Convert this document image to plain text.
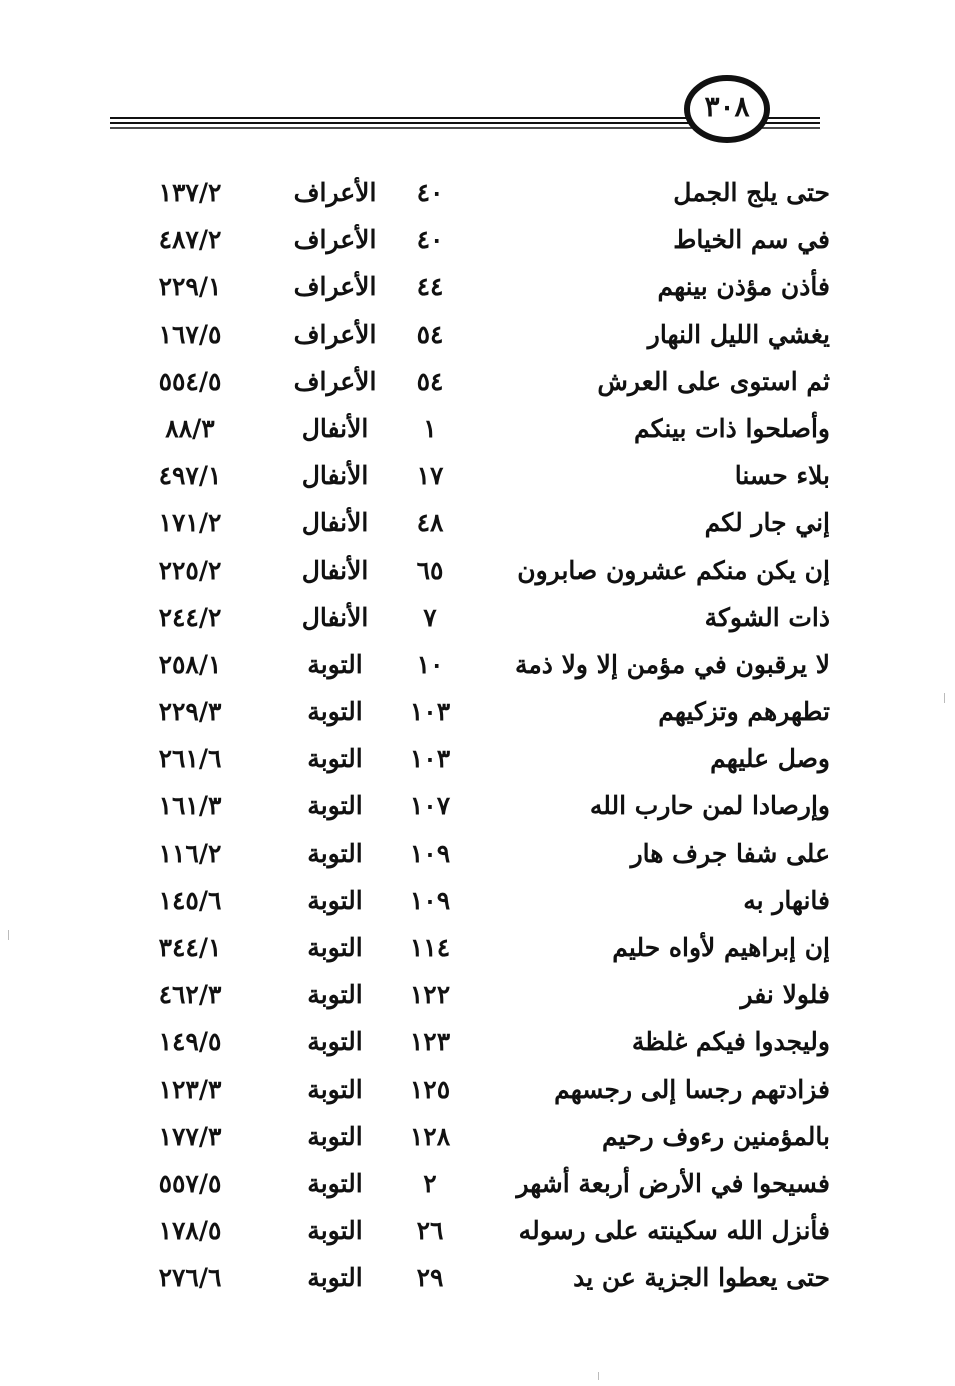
٣٠٨
حتى يلج الجمل
٤٠
الأعراف
١٣٧/٢
في سم الخياط
٤٠
الأعراف
٤٨٧/٢
فأذن مؤذن بينهم
٤٤
الأعراف
٢٢٩/١
يغشي الليل النهار
٥٤
الأعراف
١٦٧/٥
ثم استوى على العرش
٥٤
الأعراف
٥٥٤/٥
وأصلحوا ذات بينكم
١
الأنفال
٨٨/٣
بلاء حسنا
١٧
الأنفال
٤٩٧/١
إني جار لكم
٤٨
الأنفال
١٧١/٢
إن يكن منكم عشرون صابرون
٦٥
الأنفال
٢٢٥/٢
ذات الشوكة
٧
الأنفال
٢٤٤/٢
لا يرقبون في مؤمن إلا ولا ذمة
١٠
التوبة
٢٥٨/١
تطهرهم وتزكيهم
١٠٣
التوبة
٢٢٩/٣
وصل عليهم
١٠٣
التوبة
٢٦١/٦
وإرصادا لمن حارب الله
١٠٧
التوبة
١٦١/٣
على شفا جرف هار
١٠٩
التوبة
١١٦/٢
فانهار به
١٠٩
التوبة
١٤٥/٦
إن إبراهيم لأواه حليم
١١٤
التوبة
٣٤٤/١
فلولا نفر
١٢٢
التوبة
٤٦٢/٣
وليجدوا فيكم غلظة
١٢٣
التوبة
١٤٩/٥
فزادتهم رجسا إلى رجسهم
١٢٥
التوبة
١٢٣/٣
بالمؤمنين رءوف رحيم
١٢٨
التوبة
١٧٧/٣
فسيحوا في الأرض أربعة أشهر
٢
التوبة
٥٥٧/٥
فأنزل الله سكينته على رسوله
٢٦
التوبة
١٧٨/٥
حتى يعطوا الجزية عن يد
٢٩
التوبة
٢٧٦/٦
